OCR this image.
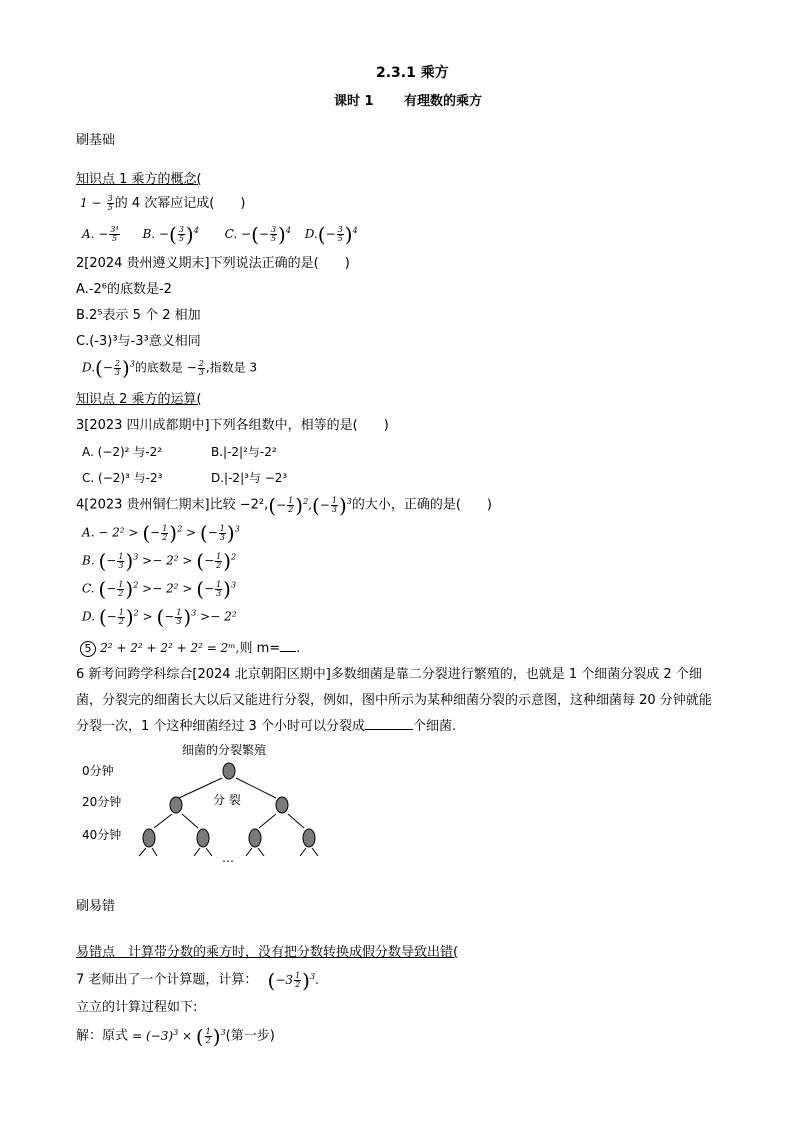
2.3.1 乘方
课时 1 有理数的乘方
刷基础
知识点 1 乘方的概念(
$1 - \frac{3}{5}$ 的 4 次幂应记成(　　)
A. − $\frac{\text{3⁴}}{5} B$. −( $\frac{3}{5} )^4$ C. −(− $\frac{3}{5} )^4$ $D.(- \frac{3}{5} )^4$
2[2024 贵州遵义期末]下列说法正确的是(　　)
A.-2⁶的底数是-2
B.2⁵表示 5 个 2 相加
C.(-3)³与-3³意义相同
$D.(- \frac{2}{3} )^3$的底数是 − $\frac{2}{3}$ ,指数是 3
知识点 2 乘方的运算(
3[2023 四川成都期中]下列各组数中，相等的是(　　)
A. (−2)² 与-2²	B.|-2|²与-2²
C. (−2)³ 与-2³	D.|-2|³与 −2³
4[2023 贵州铜仁期末]比较 $-2^2,(- \frac{1}{2} )^2,(- \frac{1}{3} )^3$的大小，正确的是(　　)
A. − 2² > (− $\frac{1}{2} )^2$ > (− $\frac{1}{3} )^3$
B. (− $\frac{1}{3} )^3 >- 2^2$ > (− $\frac{1}{2} )^2$
C. (− $\frac{1}{2} )^2 >- 2^2$ > (− $\frac{1}{3} )^3$
D. (− $\frac{1}{2} )^2$ > (− $\frac{1}{3} )^3 >- 2^2$
5 2² + 2² + 2² + 2² = 2ᵐ,则 m= .
6 新考问跨学科综合[2024 北京朝阳区期中]多数细菌是靠二分裂进行繁殖的，也就是 1 个细菌分裂成 2 个细菌，分裂完的细菌长大以后又能进行分裂，例如，图中所示为某种细菌分裂的示意图，这种细菌每 20 分钟就能分裂一次，1 个这种细菌经过 3 个小时可以分裂成	个细菌.
细菌的分裂繁殖
0分钟
20分钟
40分钟
分 裂
…
刷易错
易错点　计算带分数的乘方时，没有把分数转换成假分数导致出错(
7 老师出了一个计算题，计算： $(-3 \frac{1}{2} )^3$.
立立的计算过程如下:
解：原式 = $(-3)^3$ × ( $\frac{1}{2} )^3$(第一步)
